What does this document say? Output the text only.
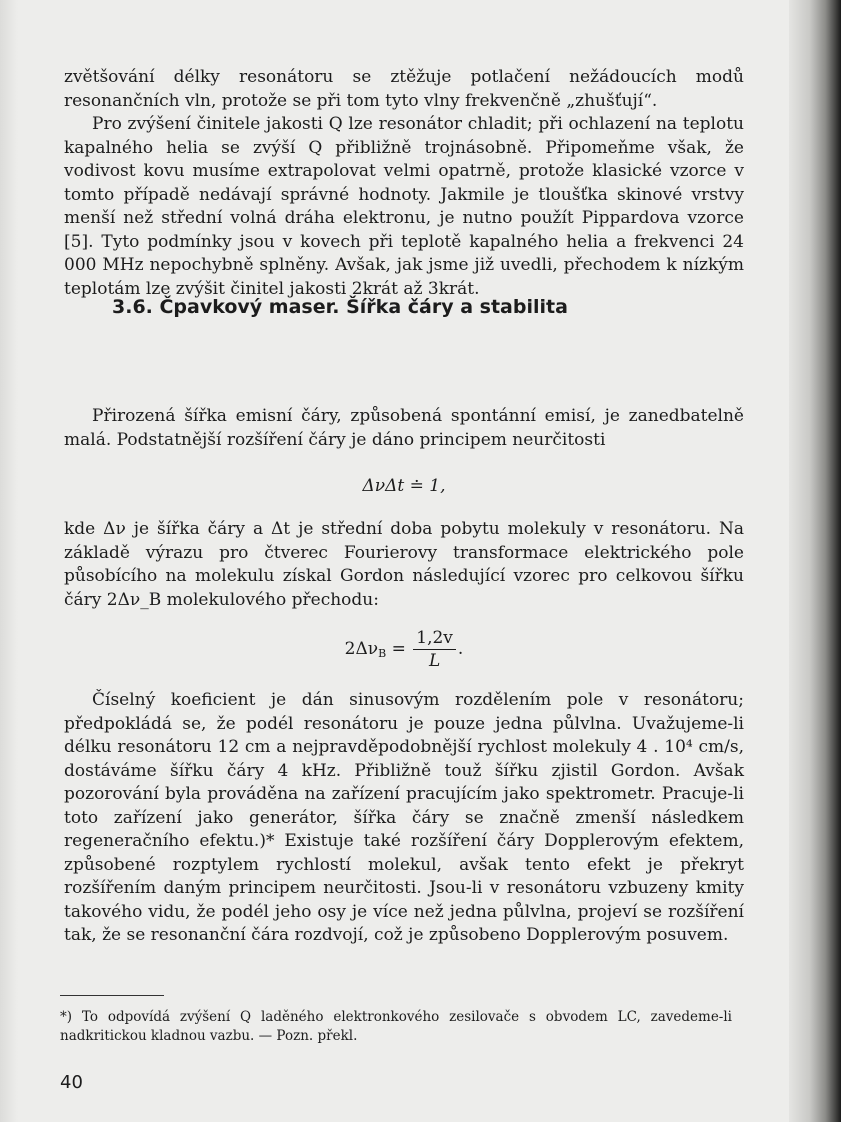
zvětšování délky resonátoru se ztěžuje potlačení nežádoucích modů resonančních vln, protože se při tom tyto vlny frekvenčně „zhušťují“.

Pro zvýšení činitele jakosti Q lze resonátor chladit; při ochlazení na teplotu kapalného helia se zvýší Q přibližně trojnásobně. Připomeňme však, že vodivost kovu musíme extrapolovat velmi opatrně, protože klasické vzorce v tomto případě nedávají správné hodnoty. Jakmile je tloušťka skinové vrstvy menší než střední volná dráha elektronu, je nutno použít Pippardova vzorce [5]. Tyto podmínky jsou v kovech při teplotě kapalného helia a frekvenci 24 000 MHz nepochybně splněny. Avšak, jak jsme již uvedli, přechodem k nízkým teplotám lze zvýšit činitel jakosti 2krát až 3krát.

Přirozená šířka emisní čáry, způsobená spontánní emisí, je zanedbatelně malá. Podstatnější rozšíření čáry je dáno principem neurčitosti

ΔνΔt ≐ 1,

kde Δν je šířka čáry a Δt je střední doba pobytu molekuly v resonátoru. Na základě výrazu pro čtverec Fourierovy transformace elektrického pole působícího na molekulu získal Gordon následující vzorec pro celkovou šířku čáry 2Δν_B molekulového přechodu:

$2\Delta\nu_B = \frac{1,2v}{L}$ .

Číselný koeficient je dán sinusovým rozdělením pole v resonátoru; předpokládá se, že podél resonátoru je pouze jedna půlvlna. Uvažujeme-li délku resonátoru 12 cm a nejpravděpodobnější rychlost molekuly 4 . 10⁴ cm/s, dostáváme šířku čáry 4 kHz. Přibližně touž šířku zjistil Gordon. Avšak pozorování byla prováděna na zařízení pracujícím jako spektrometr. Pracuje-li toto zařízení jako generátor, šířka čáry se značně zmenší následkem regeneračního efektu.)* Existuje také rozšíření čáry Dopplerovým efektem, způsobené rozptylem rychlostí molekul, avšak tento efekt je překryt rozšířením daným principem neurčitosti. Jsou-li v resonátoru vzbuzeny kmity takového vidu, že podél jeho osy je více než jedna půlvlna, projeví se rozšíření tak, že se resonanční čára rozdvojí, což je způsobeno Dopplerovým posuvem.

3.6. Čpavkový maser. Šířka čáry a stabilita

*) To odpovídá zvýšení Q laděného elektronkového zesilovače s obvodem LC, zavedeme-li nadkritickou kladnou vazbu. — Pozn. překl.

40
